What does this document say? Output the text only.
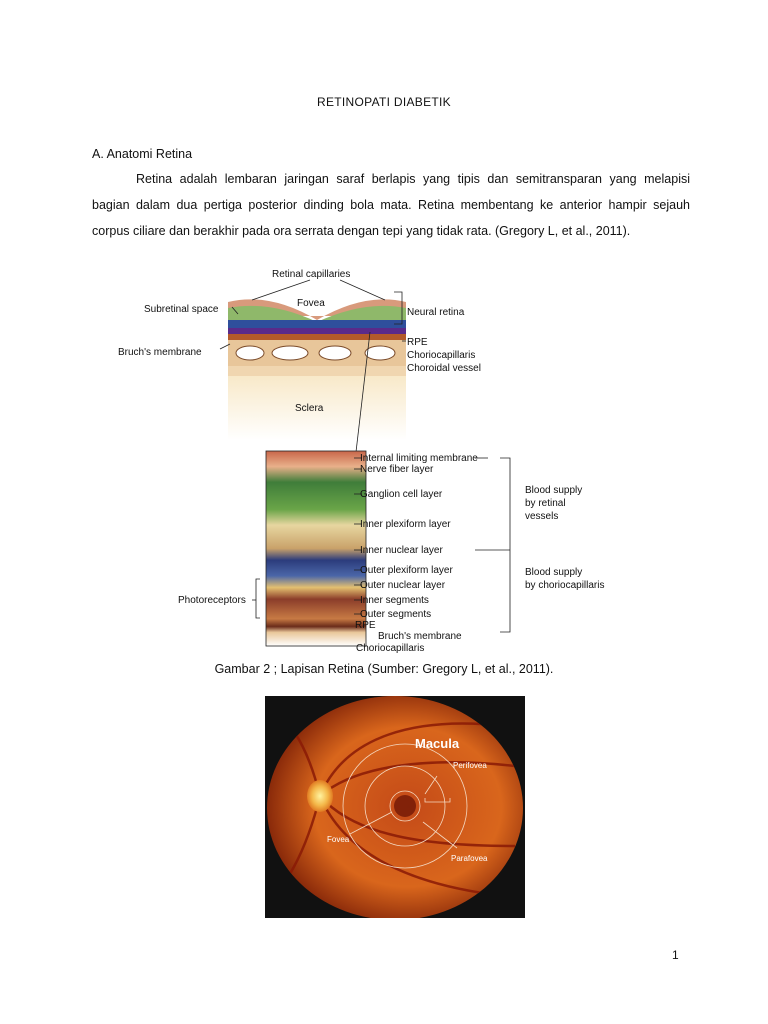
RETINOPATI DIABETIK
A. Anatomi Retina
Retina adalah lembaran jaringan saraf berlapis yang tipis dan semitransparan yang melapisi
bagian dalam dua pertiga posterior dinding bola mata. Retina membentang ke anterior hampir sejauh
corpus ciliare dan berakhir pada ora serrata dengan tepi yang tidak rata. (Gregory L, et al., 2011).
Retinal capillaries
Fovea
Subretinal space	Neural retina
Bruch's membrane
RPE
Choriocapillaris
Choroidal vessel
Sclera
Internal limiting membrane
Nerve fiber layer
Ganglion cell layer
Inner plexiform layer
Inner nuclear layer
Outer plexiform layer
Outer nuclear layer
Inner segments
Outer segments
RPE
Bruch's membrane
Choriocapillaris
Photoreceptors
Blood supply
by retinal
vessels
Blood supply
by choriocapillaris
Gambar 2 ; Lapisan Retina (Sumber: Gregory L, et al., 2011).
Macula
Perifovea
Fovea
Parafovea
1
